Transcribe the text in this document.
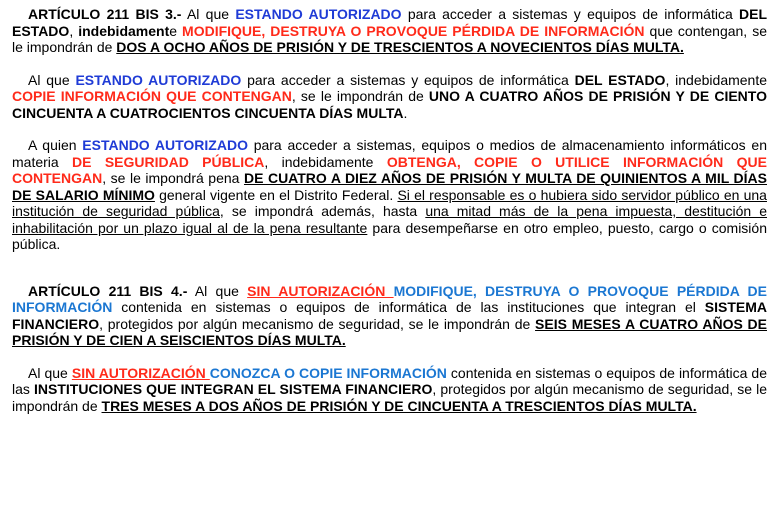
ARTÍCULO 211 BIS 3.- Al que ESTANDO AUTORIZADO para acceder a sistemas y equipos de informática DEL ESTADO, indebidamente MODIFIQUE, DESTRUYA O PROVOQUE PÉRDIDA DE INFORMACIÓN que contengan, se le impondrán de DOS A OCHO AÑOS DE PRISIÓN Y DE TRESCIENTOS A NOVECIENTOS DÍAS MULTA.

Al que ESTANDO AUTORIZADO para acceder a sistemas y equipos de informática DEL ESTADO, indebidamente COPIE INFORMACIÓN QUE CONTENGAN, se le impondrán de UNO A CUATRO AÑOS DE PRISIÓN Y DE CIENTO CINCUENTA A CUATROCIENTOS CINCUENTA DÍAS MULTA.

A quien ESTANDO AUTORIZADO para acceder a sistemas, equipos o medios de almacenamiento informáticos en materia DE SEGURIDAD PÚBLICA, indebidamente OBTENGA, COPIE O UTILICE INFORMACIÓN QUE CONTENGAN, se le impondrá pena DE CUATRO A DIEZ AÑOS DE PRISIÓN Y MULTA DE QUINIENTOS A MIL DÍAS DE SALARIO MÍNIMO general vigente en el Distrito Federal. Si el responsable es o hubiera sido servidor público en una institución de seguridad pública, se impondrá además, hasta una mitad más de la pena impuesta, destitución e inhabilitación por un plazo igual al de la pena resultante para desempeñarse en otro empleo, puesto, cargo o comisión pública.

ARTÍCULO 211 BIS 4.- Al que SIN AUTORIZACIÓN MODIFIQUE, DESTRUYA O PROVOQUE PÉRDIDA DE INFORMACIÓN contenida en sistemas o equipos de informática de las instituciones que integran el SISTEMA FINANCIERO, protegidos por algún mecanismo de seguridad, se le impondrán de SEIS MESES A CUATRO AÑOS DE PRISIÓN Y DE CIEN A SEISCIENTOS DÍAS MULTA.

Al que SIN AUTORIZACIÓN CONOZCA O COPIE INFORMACIÓN contenida en sistemas o equipos de informática de las INSTITUCIONES QUE INTEGRAN EL SISTEMA FINANCIERO, protegidos por algún mecanismo de seguridad, se le impondrán de TRES MESES A DOS AÑOS DE PRISIÓN Y DE CINCUENTA A TRESCIENTOS DÍAS MULTA.
